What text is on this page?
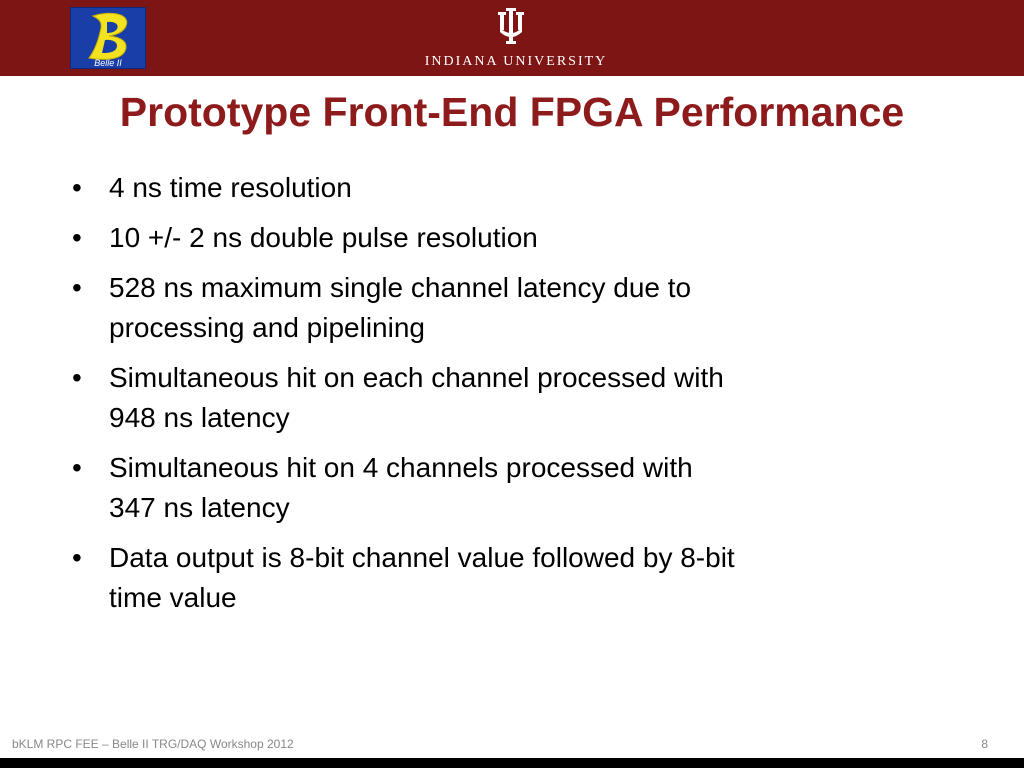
Belle II	INDIANA UNIVERSITY
Prototype Front-End FPGA Performance
• 4 ns time resolution
• 10 +/- 2 ns double pulse resolution
• 528 ns maximum single channel latency due to
processing and pipelining
• Simultaneous hit on each channel processed with
948 ns latency
• Simultaneous hit on 4 channels processed with
347 ns latency
• Data output is 8-bit channel value followed by 8-bit
time value
bKLM RPC FEE – Belle II TRG/DAQ Workshop 2012	8
